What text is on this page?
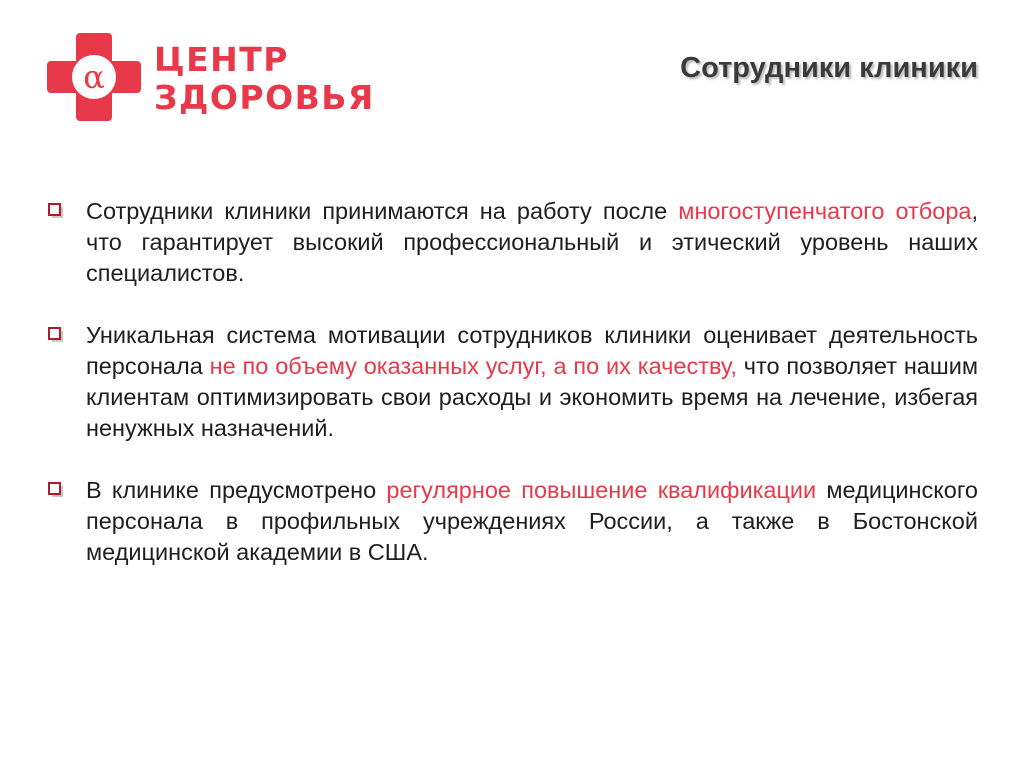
α ЦЕНТР
ЗДОРОВЬЯ
Сотрудники клиники
Сотрудники клиники принимаются на работу после многоступенчатого отбора, что гарантирует высокий профессиональный и этический уровень наших специалистов.
Уникальная система мотивации сотрудников клиники оценивает деятельность персонала не по объему оказанных услуг, а по их качеству, что позволяет нашим клиентам оптимизировать свои расходы и экономить время на лечение, избегая ненужных назначений.
В клинике предусмотрено регулярное повышение квалификации медицинского персонала в профильных учреждениях России, а также в Бостонской медицинской академии в США.
